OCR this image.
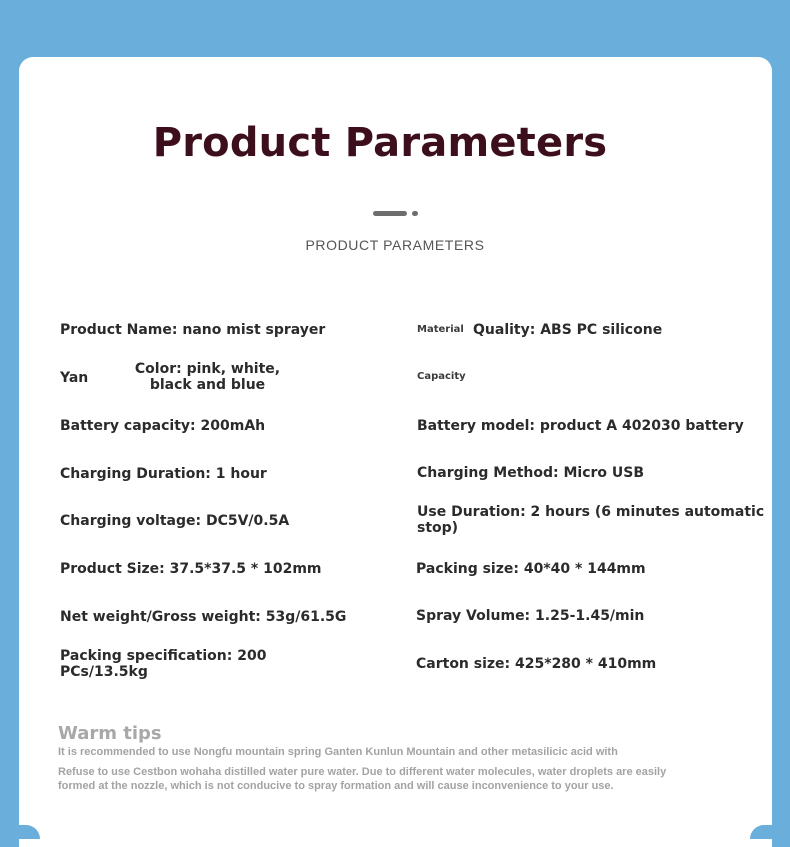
Product Parameters
PRODUCT PARAMETERS
Product Name: nano mist sprayer
Yan
Color: pink, white,
black and blue
Battery capacity: 200mAh
Charging Duration: 1 hour
Charging voltage: DC5V/0.5A
Product Size: 37.5*37.5 * 102mm
Net weight/Gross weight: 53g/61.5G
Packing specification: 200
PCs/13.5kg
Material Quality: ABS PC silicone
Capacity
Battery model: product A 402030 battery
Charging Method: Micro USB
Use Duration: 2 hours (6 minutes automatic
stop)
Packing size: 40*40 * 144mm
Spray Volume: 1.25-1.45/min
Carton size: 425*280 * 410mm
Warm tips
It is recommended to use Nongfu mountain spring Ganten Kunlun Mountain and other metasilicic acid with
Refuse to use Cestbon wohaha distilled water pure water. Due to different water molecules, water droplets are easily
formed at the nozzle, which is not conducive to spray formation and will cause inconvenience to your use.
